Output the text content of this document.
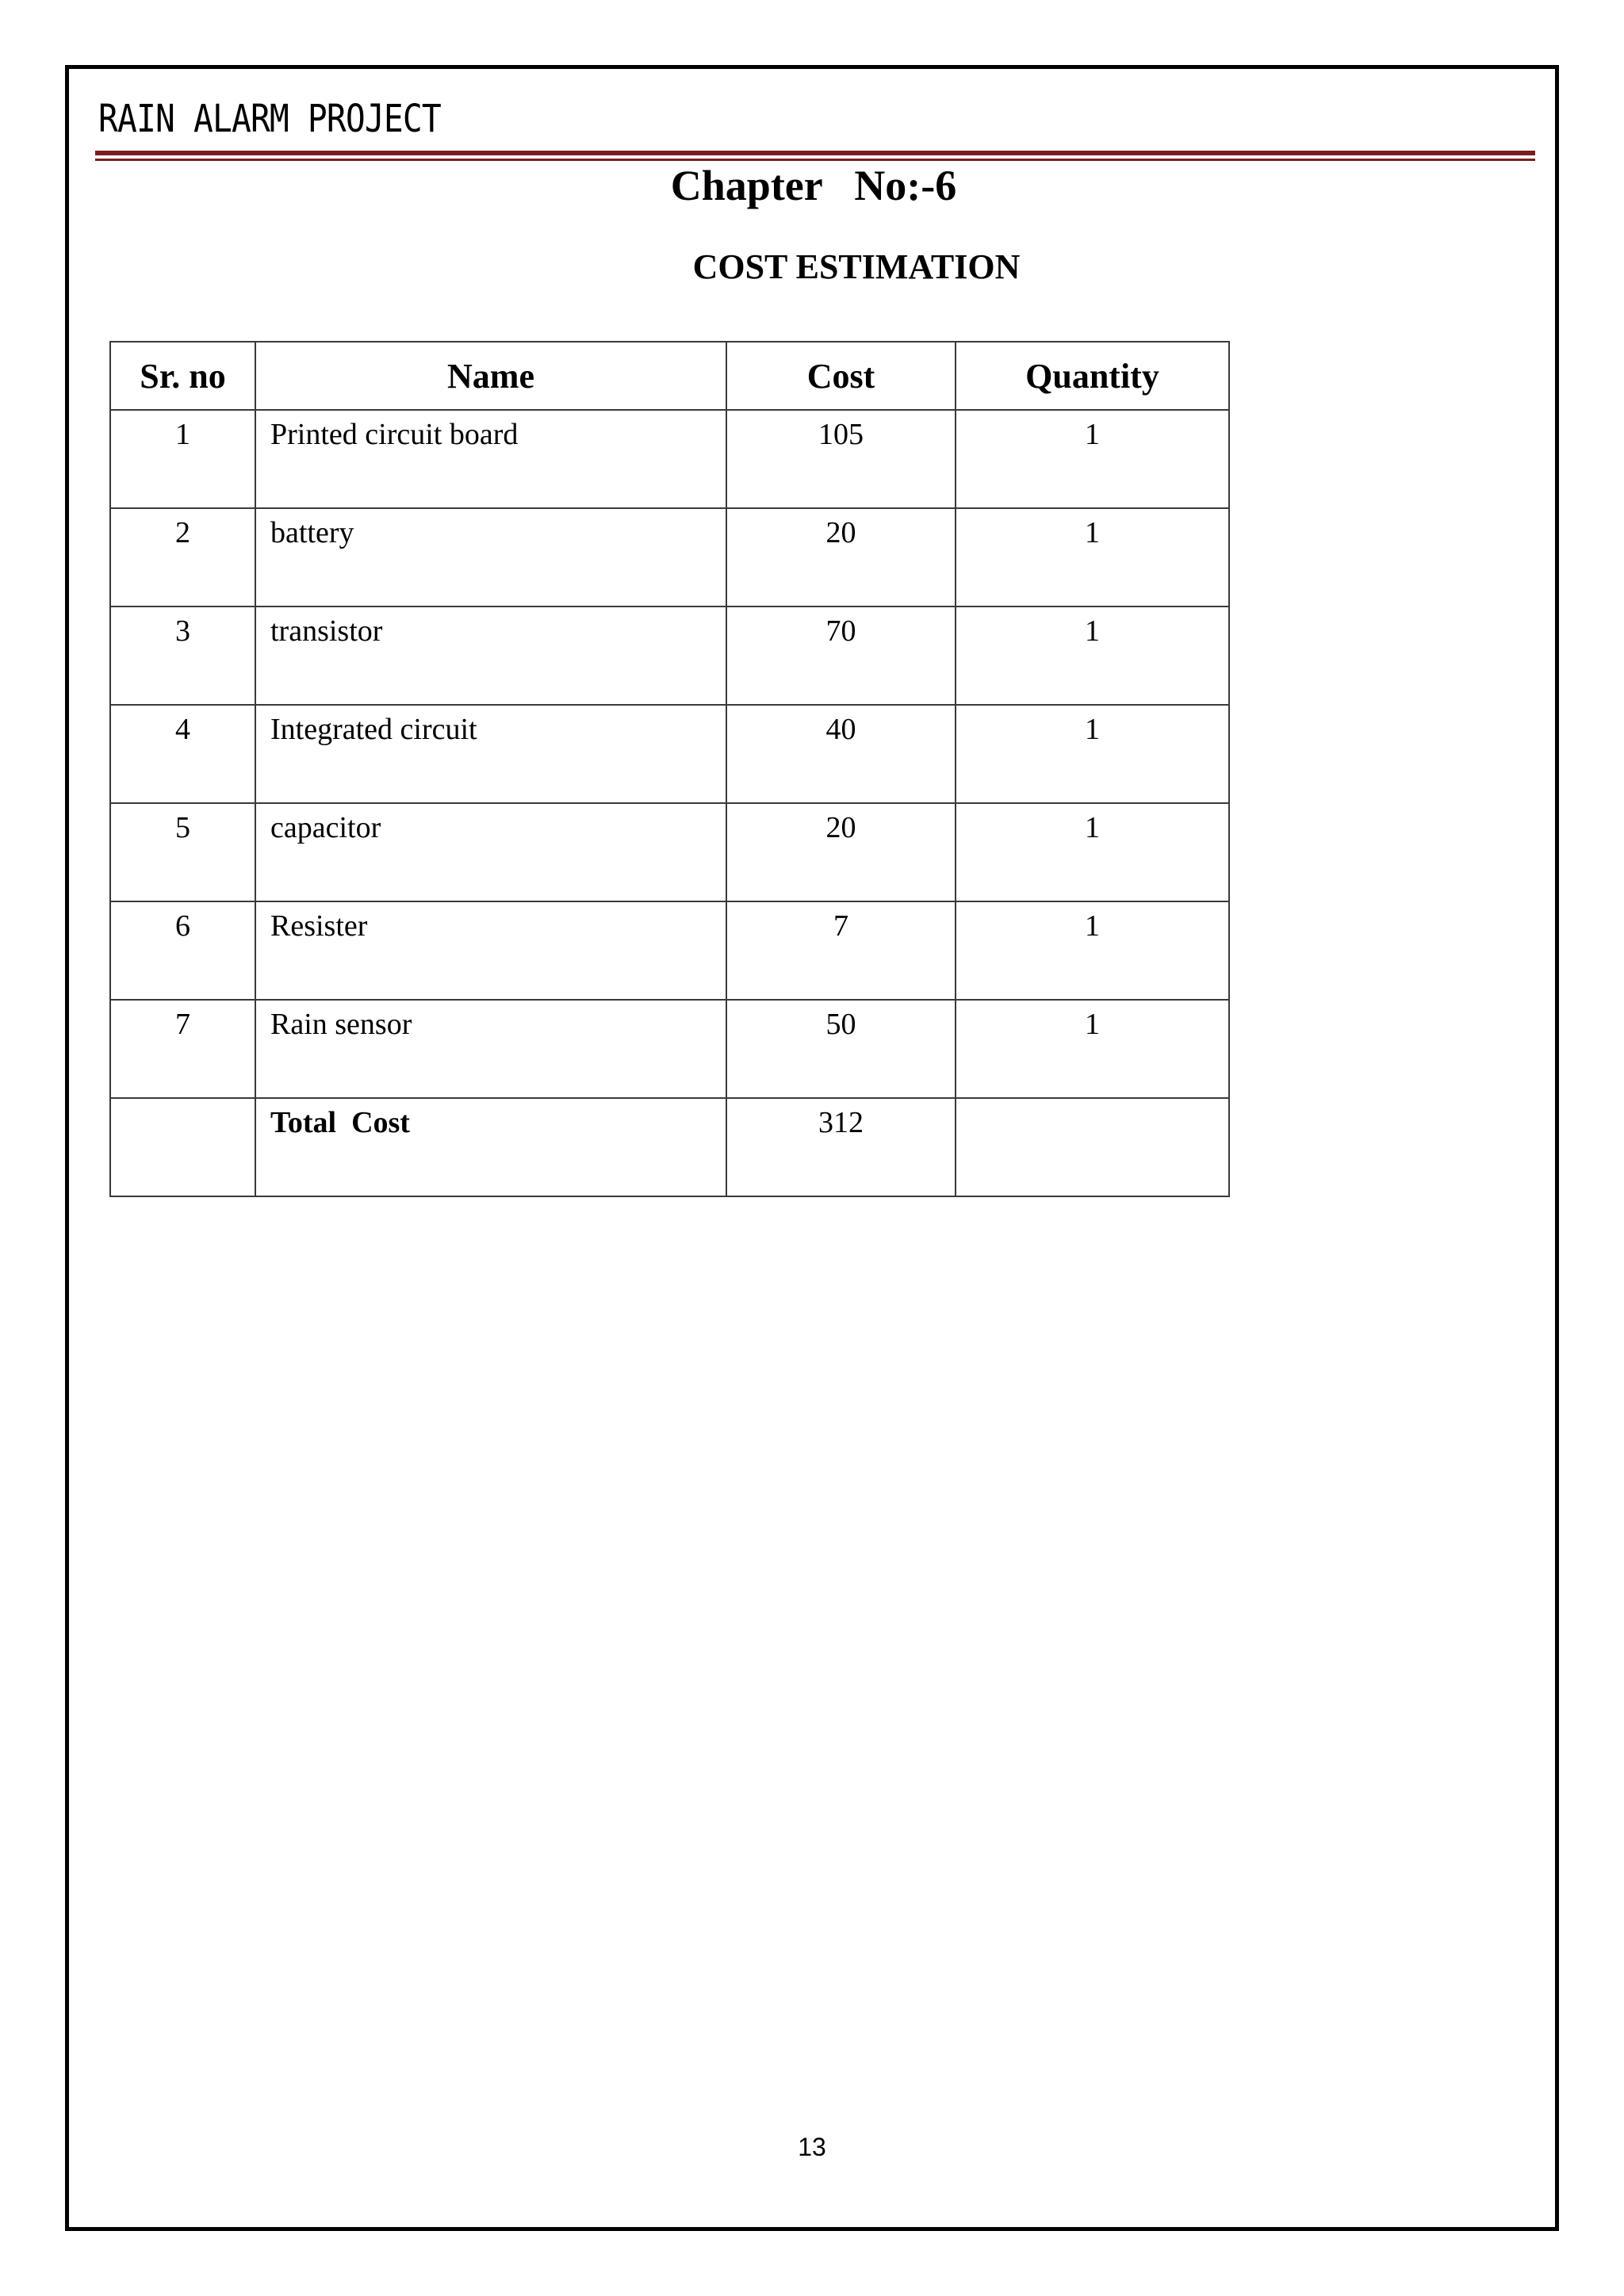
RAIN ALARM PROJECT
Chapter   No:-6
COST ESTIMATION
Sr. no	Name	Cost	Quantity

1	Printed circuit board	105	1

2	battery	20	1

3	transistor	70	1

4	Integrated circuit	40	1

5	capacitor	20	1

6	Resister	7	1

7	Rain sensor	50	1

	Total  Cost	312	

13
